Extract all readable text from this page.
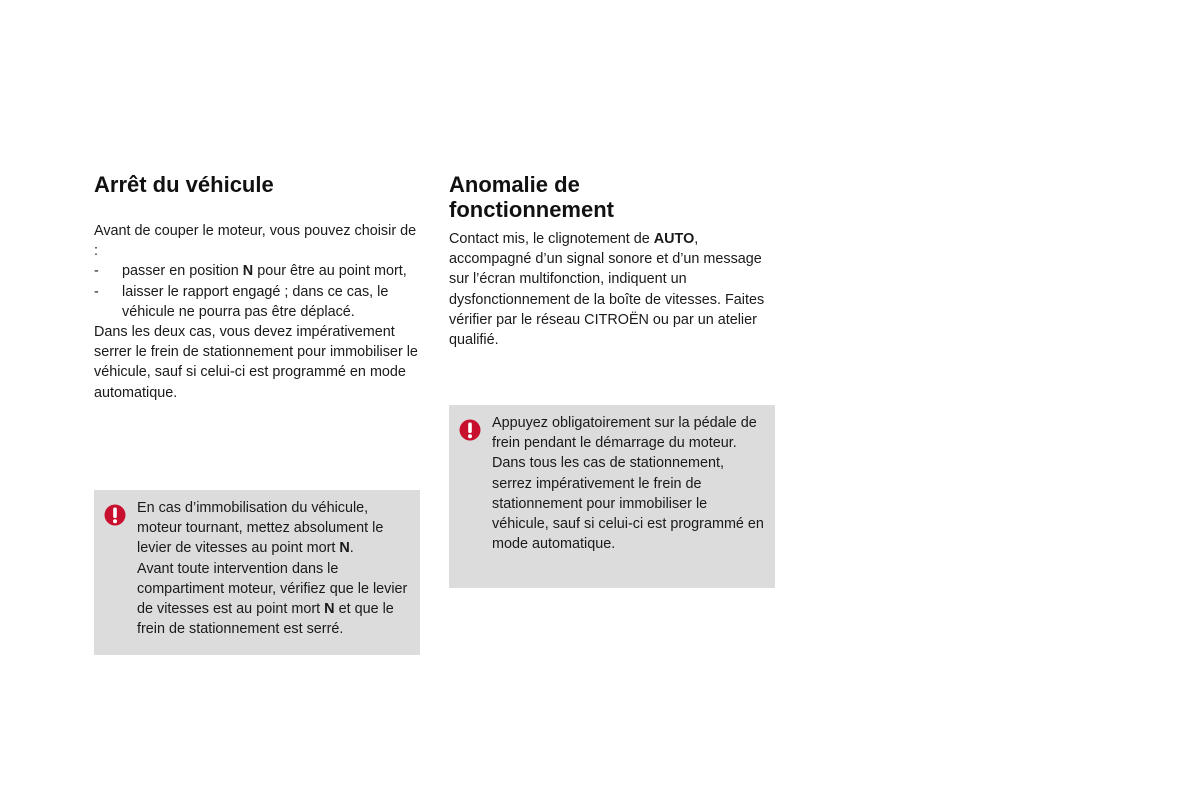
Arrêt du véhicule

Avant de couper le moteur, vous pouvez choisir de :

- passer en position N pour être au point mort,
- laisser le rapport engagé ; dans ce cas, le véhicule ne pourra pas être déplacé.

Dans les deux cas, vous devez impérativement serrer le frein de stationnement pour immobiliser le véhicule, sauf si celui-ci est programmé en mode automatique.

En cas d’immobilisation du véhicule, moteur tournant, mettez absolument le levier de vitesses au point mort N.

Avant toute intervention dans le compartiment moteur, vérifiez que le levier de vitesses est au point mort N et que le frein de stationnement est serré.

Anomalie de fonctionnement

Contact mis, le clignotement de AUTO, accompagné d’un signal sonore et d’un message sur l’écran multifonction, indiquent un dysfonctionnement de la boîte de vitesses. Faites vérifier par le réseau CITROËN ou par un atelier qualifié.

Appuyez obligatoirement sur la pédale de frein pendant le démarrage du moteur.

Dans tous les cas de stationnement, serrez impérativement le frein de stationnement pour immobiliser le véhicule, sauf si celui-ci est programmé en mode automatique.
